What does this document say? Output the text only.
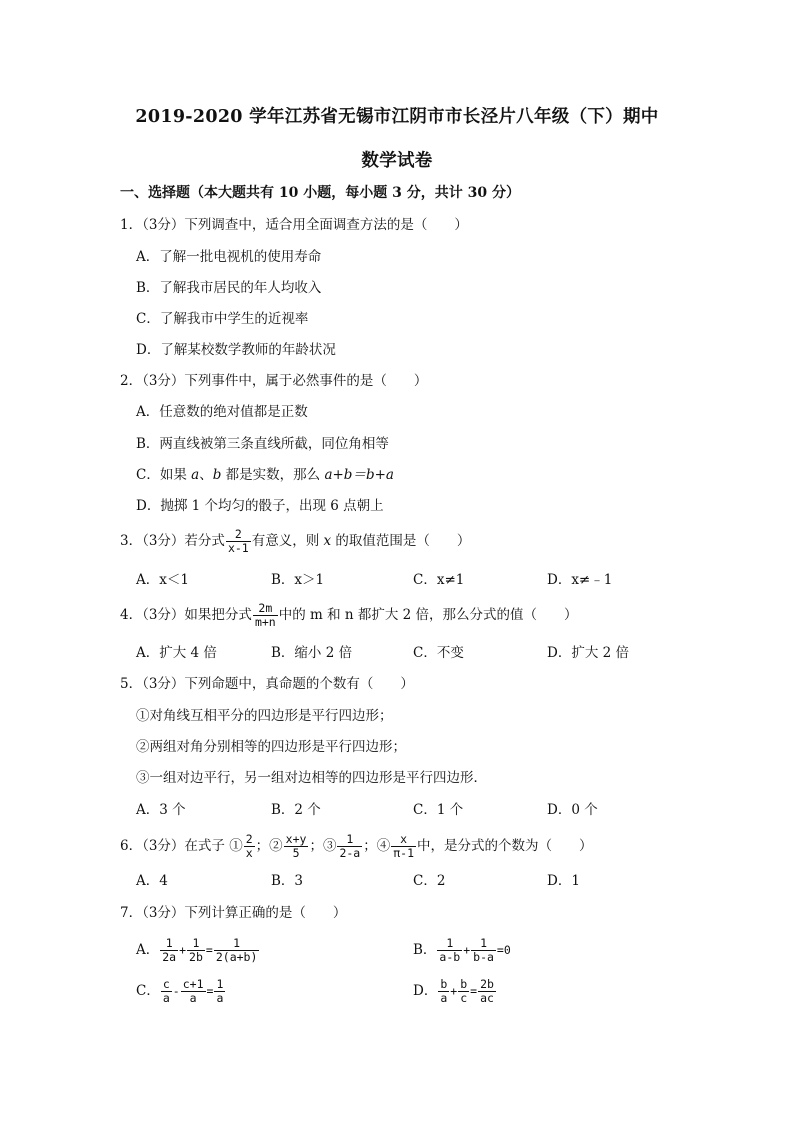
2019-2020 学年江苏省无锡市江阴市市长泾片八年级（下）期中
数学试卷
一、选择题（本大题共有 10 小题，每小题 3 分，共计 30 分）
1．（3分）下列调查中，适合用全面调查方法的是（　　）
A．了解一批电视机的使用寿命
B．了解我市居民的年人均收入
C．了解我市中学生的近视率
D．了解某校数学教师的年龄状况
2．（3分）下列事件中，属于必然事件的是（　　）
A．任意数的绝对值都是正数
B．两直线被第三条直线所截，同位角相等
C．如果 a、b 都是实数，那么 a+b＝b+a
D．抛掷 1 个均匀的骰子，出现 6 点朝上
3．（3分）若分式 $\frac{2}{x-1}$ 有意义，则 x 的取值范围是（　　）
A．x＜1	B．x＞1	C．x≠1	D．x≠﹣1
4．（3分）如果把分式 $\frac{2m}{m+n}$ 中的 m 和 n 都扩大 2 倍，那么分式的值（　　）
A．扩大 4 倍	B．缩小 2 倍	C．不变	D．扩大 2 倍
5．（3分）下列命题中，真命题的个数有（　　）
①对角线互相平分的四边形是平行四边形；
②两组对角分别相等的四边形是平行四边形；
③一组对边平行，另一组对边相等的四边形是平行四边形．
A．3 个	B．2 个	C．1 个	D．0 个
6．（3分）在式子 ① $\frac{2}{x}$ ；② $\frac{x+y}{5}$ ；③ $\frac{1}{2-a}$ ；④ $\frac{x}{\pi-1}$ 中，是分式的个数为（　　）
A．4	B．3	C．2	D．1
7．（3分）下列计算正确的是（　　）
A． $\frac{1}{2a} + \frac{1}{2b} = \frac{1}{2(a+b)}$	B． $\frac{1}{a-b} + \frac{1}{b-a} =0$
C． $\frac{c}{a} - \frac{c+1}{a} = \frac{1}{a}$	D． $\frac{b}{a} + \frac{b}{c} = \frac{2b}{ac}$
